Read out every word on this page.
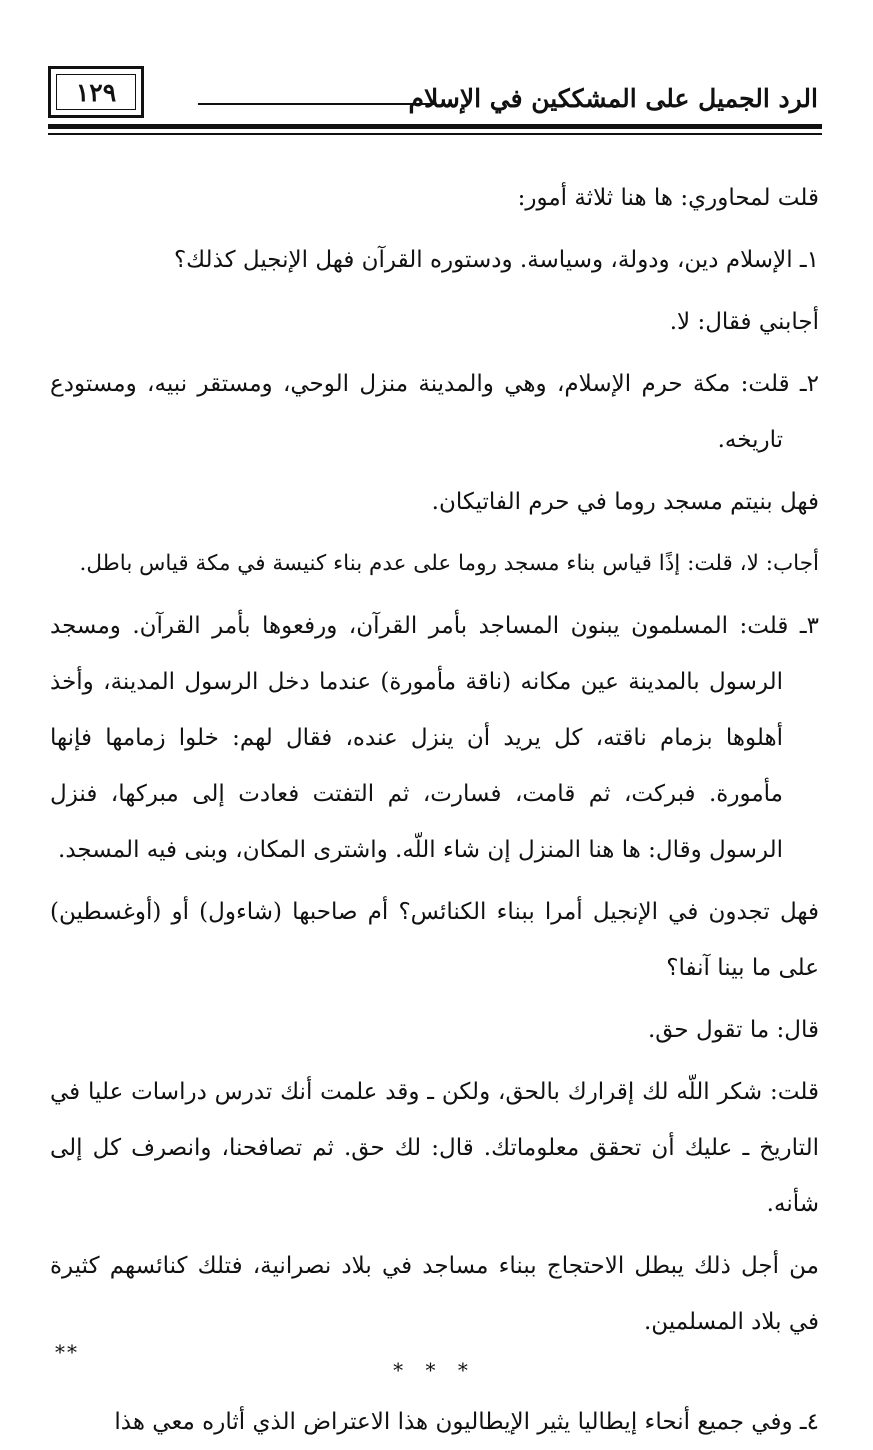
الرد الجميل على المشككين في الإسلام
١٢٩

قلت لمحاوري: ها هنا ثلاثة أمور:

١ـ الإسلام دين، ودولة، وسياسة. ودستوره القرآن فهل الإنجيل كذلك؟

أجابني فقال: لا.

٢ـ قلت: مكة حرم الإسلام، وهي والمدينة منزل الوحي، ومستقر نبيه، ومستودع تاريخه.

فهل بنيتم مسجد روما في حرم الفاتيكان.

أجاب: لا، قلت: إذًا قياس بناء مسجد روما على عدم بناء كنيسة في مكة قياس باطل.

٣ـ قلت: المسلمون يبنون المساجد بأمر القرآن، ورفعوها بأمر القرآن. ومسجد الرسول بالمدينة عين مكانه (ناقة مأمورة) عندما دخل الرسول المدينة، وأخذ أهلوها بزمام ناقته، كل يريد أن ينزل عنده، فقال لهم: خلوا زمامها فإنها مأمورة. فبركت، ثم قامت، فسارت، ثم التفتت فعادت إلى مبركها، فنزل الرسول وقال: ها هنا المنزل إن شاء اللّه. واشترى المكان، وبنى فيه المسجد.

فهل تجدون في الإنجيل أمرا ببناء الكنائس؟ أم صاحبها (شاءول) أو (أوغسطين) على ما بينا آنفا؟

قال: ما تقول حق.

قلت: شكر اللّه لك إقرارك بالحق، ولكن ـ وقد علمت أنك تدرس دراسات عليا في التاريخ ـ عليك أن تحقق معلوماتك. قال: لك حق. ثم تصافحنا، وانصرف كل إلى شأنه.

من أجل ذلك يبطل الاحتجاج ببناء مساجد في بلاد نصرانية، فتلك كنائسهم كثيرة في بلاد المسلمين.

* * *

٤ـ وفي جميع أنحاء إيطاليا يثير الإيطاليون هذا الاعتراض الذي أثاره معي هذا

**
